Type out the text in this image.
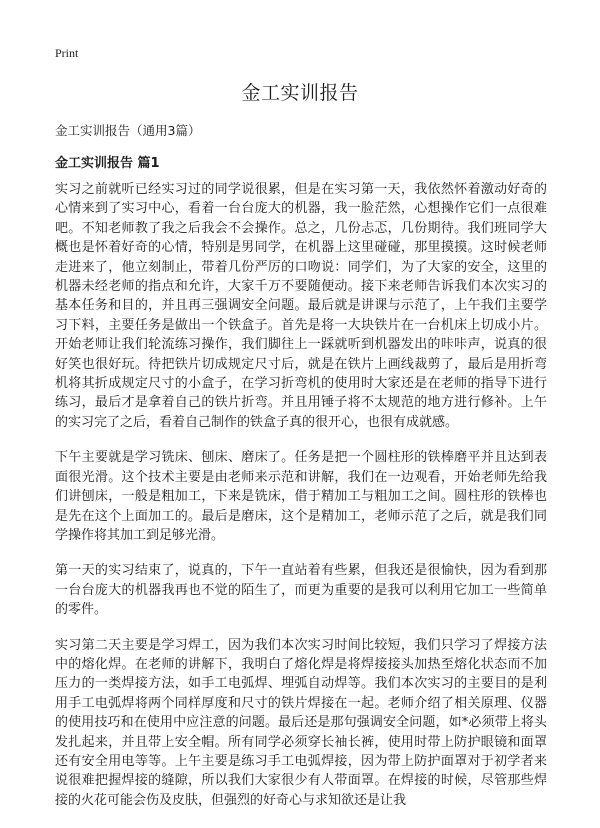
Print
金工实训报告

金工实训报告（通用3篇）

金工实训报告 篇1

实习之前就听已经实习过的同学说很累，但是在实习第一天，我依然怀着激动好奇的心情来到了实习中心，看着一台台庞大的机器，我一脸茫然，心想操作它们一点很难吧。不知老师教了我之后我会不会操作。总之，几份忐忑，几份期待。我们班同学大概也是怀着好奇的心情，特别是男同学，在机器上这里碰碰，那里摸摸。这时候老师走进来了，他立刻制止，带着几份严厉的口吻说：同学们，为了大家的安全，这里的机器未经老师的指点和允许，大家千万不要随便动。接下来老师告诉我们本次实习的基本任务和目的，并且再三强调安全问题。最后就是讲课与示范了，上午我们主要学习下料，主要任务是做出一个铁盒子。首先是将一大块铁片在一台机床上切成小片。开始老师让我们轮流练习操作，我们脚往上一踩就听到机器发出的咔咔声，说真的很好笑也很好玩。待把铁片切成规定尺寸后，就是在铁片上画线裁剪了，最后是用折弯机将其折成规定尺寸的小盒子，在学习折弯机的使用时大家还是在老师的指导下进行练习，最后才是拿着自己的铁片折弯。并且用锤子将不太规范的地方进行修补。上午的实习完了之后，看着自己制作的铁盒子真的很开心，也很有成就感。

下午主要就是学习铣床、刨床、磨床了。任务是把一个圆柱形的铁棒磨平并且达到表面很光滑。这个技术主要是由老师来示范和讲解，我们在一边观看，开始老师先给我们讲刨床，一般是粗加工，下来是铣床，借于精加工与粗加工之间。圆柱形的铁棒也是先在这个上面加工的。最后是磨床，这个是精加工，老师示范了之后，就是我们同学操作将其加工到足够光滑。

第一天的实习结束了，说真的，下午一直站着有些累，但我还是很愉快，因为看到那一台台庞大的机器我再也不觉的陌生了，而更为重要的是我可以利用它加工一些简单的零件。

实习第二天主要是学习焊工，因为我们本次实习时间比较短，我们只学习了焊接方法中的熔化焊。在老师的讲解下，我明白了熔化焊是将焊接接头加热至熔化状态而不加压力的一类焊接方法，如手工电弧焊、埋弧自动焊等。我们本次实习的主要目的是利用手工电弧焊将两个同样厚度和尺寸的铁片焊接在一起。老师介绍了相关原理、仪器的使用技巧和在使用中应注意的问题。最后还是那句强调安全问题，如*必须带上将头发扎起来，并且带上安全帽。所有同学必须穿长袖长裤，使用时带上防护眼镜和面罩还有安全用电等等。上午主要是练习手工电弧焊接，因为带上防护面罩对于初学者来说很难把握焊接的缝隙，所以我们大家很少有人带面罩。在焊接的时候，尽管那些焊接的火花可能会伤及皮肤，但强烈的好奇心与求知欲还是让我
